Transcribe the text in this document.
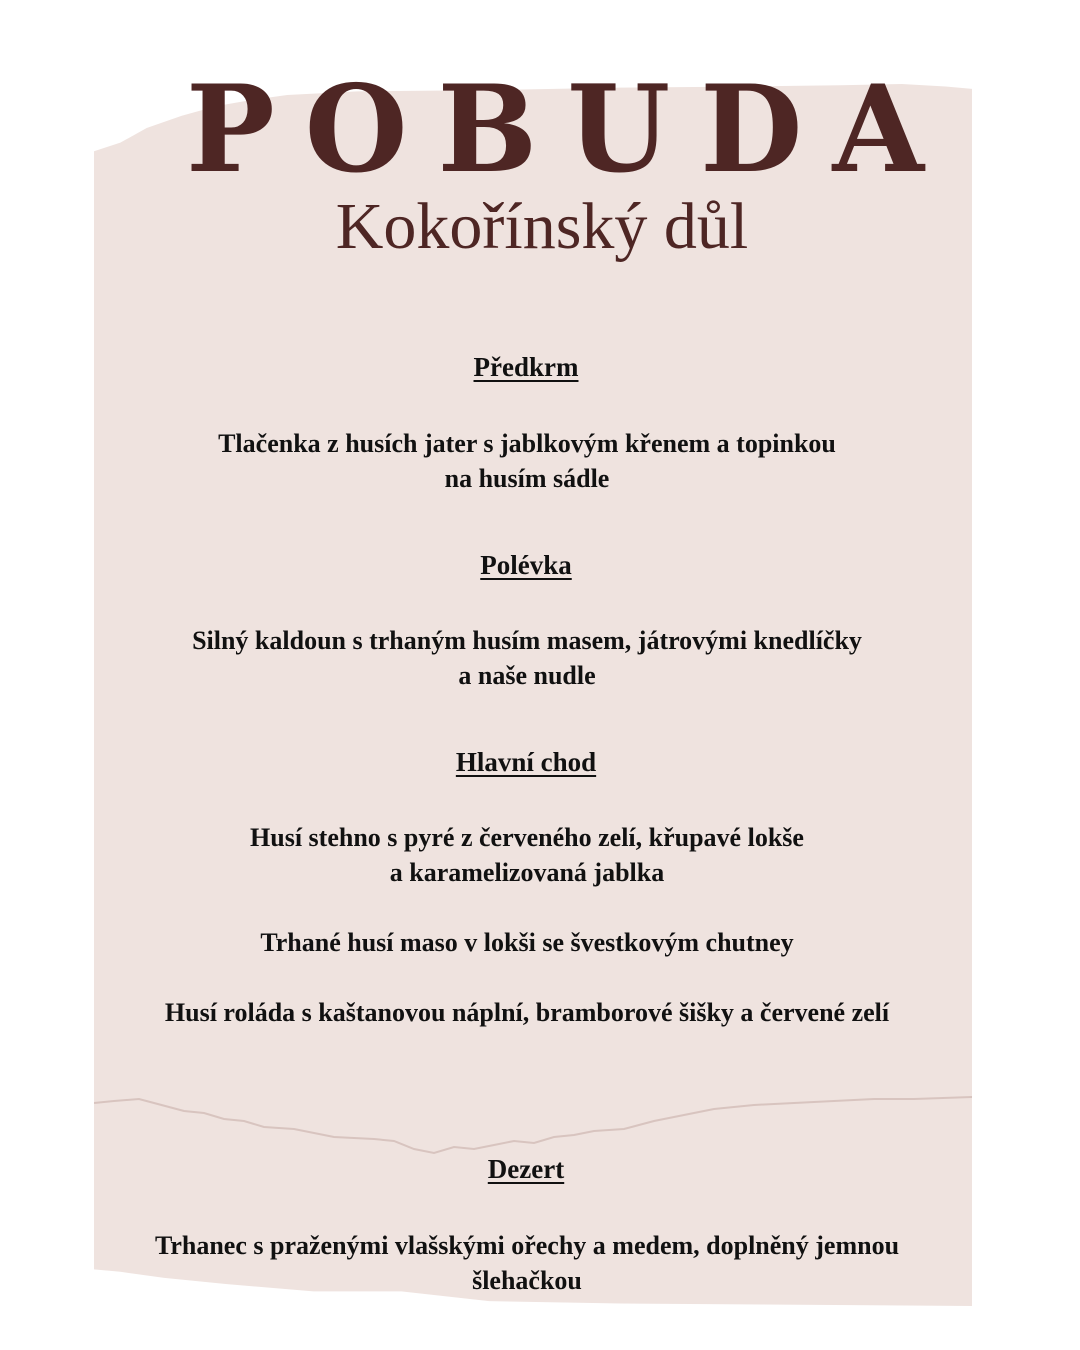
POBUDA
Kokořínský důl
Předkrm
Tlačenka z husích jater s jablkovým křenem a topinkou
na husím sádle
Polévka
Silný kaldoun s trhaným husím masem, játrovými knedlíčky
a naše nudle
Hlavní chod
Husí stehno s pyré z červeného zelí, křupavé lokše
a karamelizovaná jablka
Trhané husí maso v lokši se švestkovým chutney
Husí roláda s kaštanovou náplní, bramborové šišky a červené zelí
Dezert
Trhanec s praženými vlašskými ořechy a medem, doplněný jemnou
šlehačkou
